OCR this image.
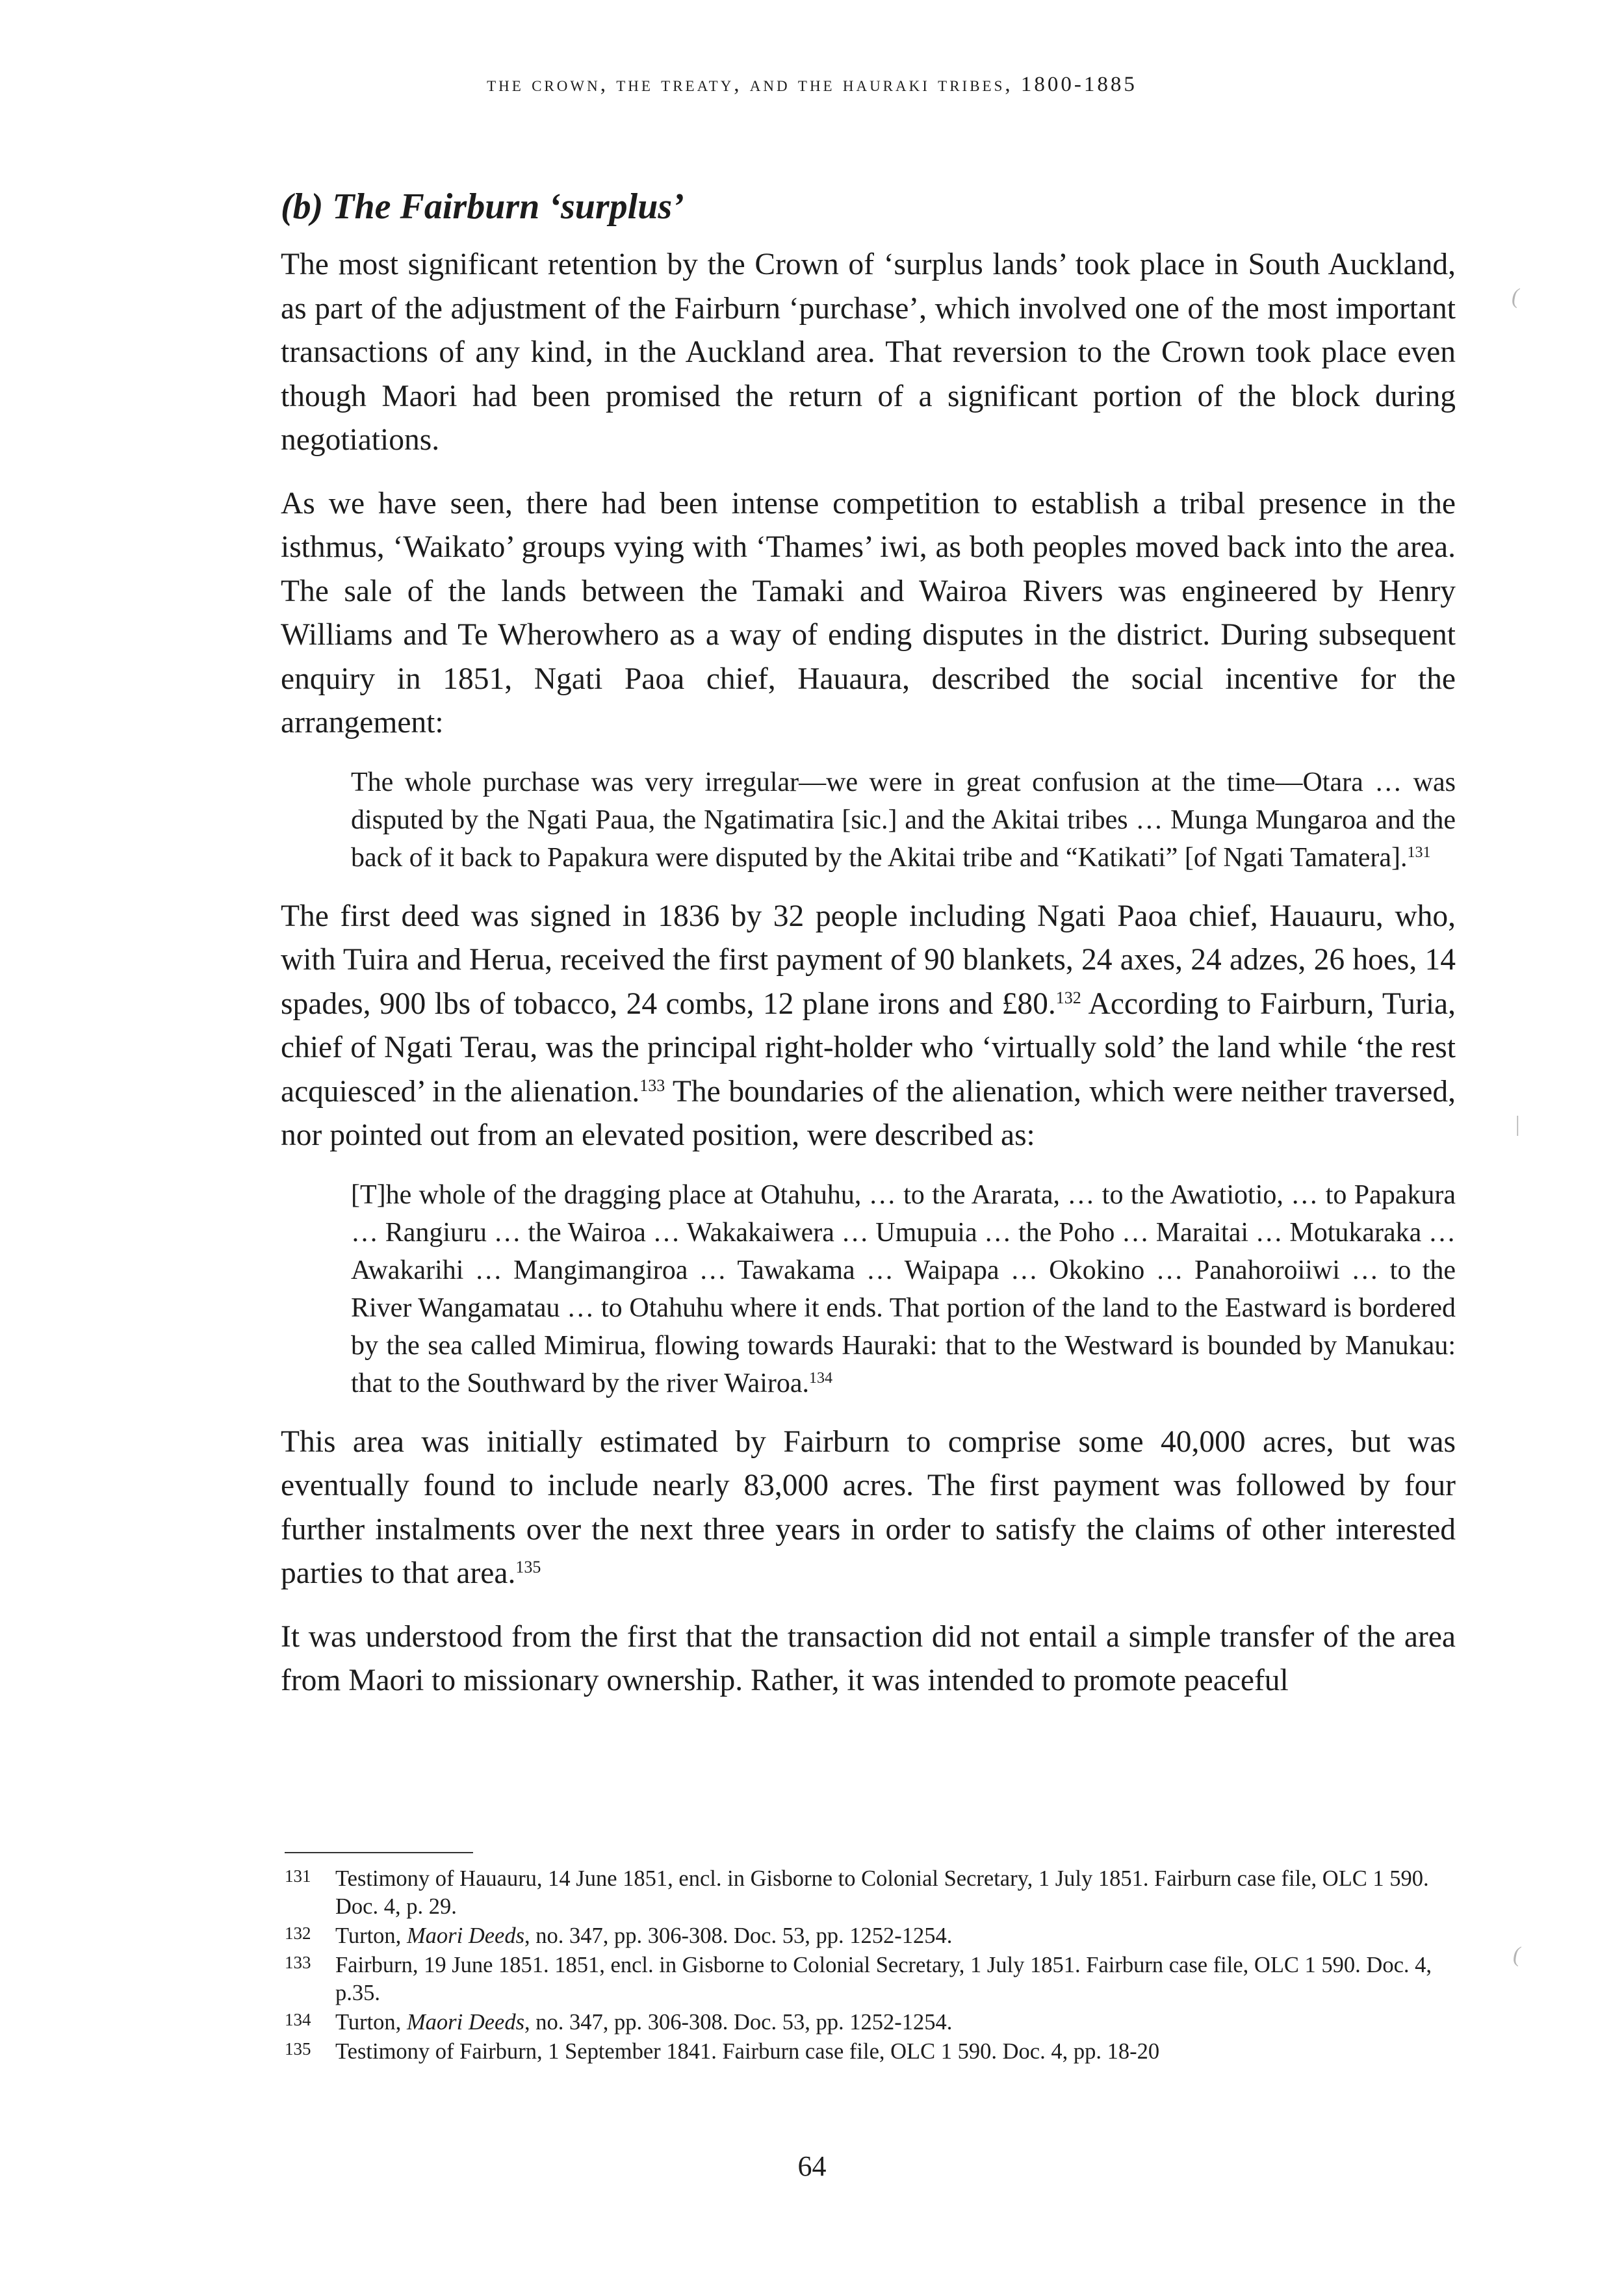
the crown, the treaty, and the hauraki tribes, 1800-1885
(b) The Fairburn ‘surplus’

The most significant retention by the Crown of ‘surplus lands’ took place in South Auckland, as part of the adjustment of the Fairburn ‘purchase’, which involved one of the most important transactions of any kind, in the Auckland area. That reversion to the Crown took place even though Maori had been promised the return of a significant portion of the block during negotiations.

As we have seen, there had been intense competition to establish a tribal presence in the isthmus, ‘Waikato’ groups vying with ‘Thames’ iwi, as both peoples moved back into the area. The sale of the lands between the Tamaki and Wairoa Rivers was engineered by Henry Williams and Te Wherowhero as a way of ending disputes in the district. During subsequent enquiry in 1851, Ngati Paoa chief, Hauaura, described the social incentive for the arrangement:

The whole purchase was very irregular—we were in great confusion at the time—Otara … was disputed by the Ngati Paua, the Ngatimatira [sic.] and the Akitai tribes … Munga Mungaroa and the back of it back to Papakura were disputed by the Akitai tribe and “Katikati” [of Ngati Tamatera].$^{131}$

The first deed was signed in 1836 by 32 people including Ngati Paoa chief, Hauauru, who, with Tuira and Herua, received the first payment of 90 blankets, 24 axes, 24 adzes, 26 hoes, 14 spades, 900 lbs of tobacco, 24 combs, 12 plane irons and £80.$^{132}$ According to Fairburn, Turia, chief of Ngati Terau, was the principal right-holder who ‘virtually sold’ the land while ‘the rest acquiesced’ in the alienation.$^{133}$ The boundaries of the alienation, which were neither traversed, nor pointed out from an elevated position, were described as:

[T]he whole of the dragging place at Otahuhu, … to the Ararata, … to the Awatiotio, … to Papakura … Rangiuru … the Wairoa … Wakakaiwera … Umupuia … the Poho … Maraitai … Motukaraka … Awakarihi … Mangimangiroa … Tawakama … Waipapa … Okokino … Panahoroiiwi … to the River Wangamatau … to Otahuhu where it ends. That portion of the land to the Eastward is bordered by the sea called Mimirua, flowing towards Hauraki: that to the Westward is bounded by Manukau: that to the Southward by the river Wairoa.$^{134}$

This area was initially estimated by Fairburn to comprise some 40,000 acres, but was eventually found to include nearly 83,000 acres. The first payment was followed by four further instalments over the next three years in order to satisfy the claims of other interested parties to that area.$^{135}$

It was understood from the first that the transaction did not entail a simple transfer of the area from Maori to missionary ownership. Rather, it was intended to promote peaceful

131 Testimony of Hauauru, 14 June 1851, encl. in Gisborne to Colonial Secretary, 1 July 1851. Fairburn case file, OLC 1 590. Doc. 4, p. 29.

132 Turton, Maori Deeds, no. 347, pp. 306-308. Doc. 53, pp. 1252-1254.

133 Fairburn, 19 June 1851. 1851, encl. in Gisborne to Colonial Secretary, 1 July 1851. Fairburn case file, OLC 1 590. Doc. 4, p.35.

134 Turton, Maori Deeds, no. 347, pp. 306-308. Doc. 53, pp. 1252-1254.

135 Testimony of Fairburn, 1 September 1841. Fairburn case file, OLC 1 590. Doc. 4, pp. 18-20

64
(
|
(
